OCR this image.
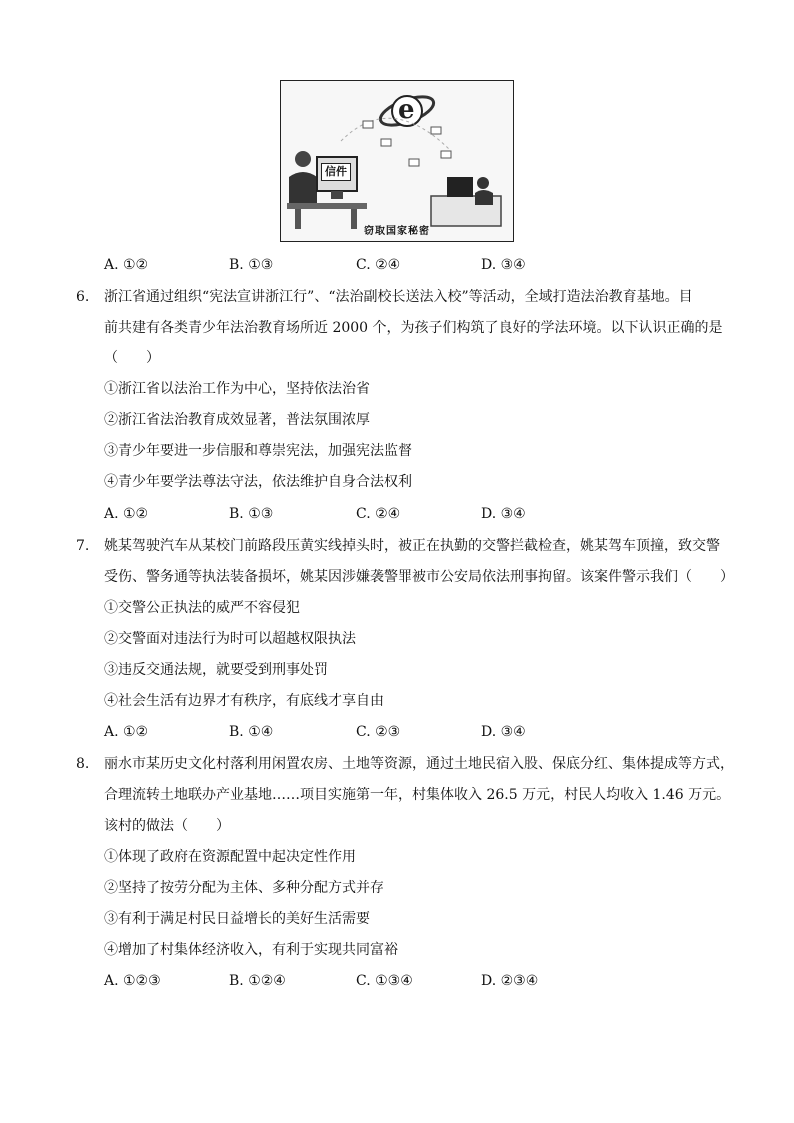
信件
e
窃取国家秘密
A. ①②	B. ①③	C. ②④	D. ③④
6. 浙江省通过组织“宪法宣讲浙江行”、“法治副校长送法入校”等活动，全域打造法治教育基地。目
前共建有各类青少年法治教育场所近 2000 个，为孩子们构筑了良好的学法环境。以下认识正确的是
（　　）
①浙江省以法治工作为中心，坚持依法治省
②浙江省法治教育成效显著，普法氛围浓厚
③青少年要进一步信服和尊崇宪法，加强宪法监督
④青少年要学法尊法守法，依法维护自身合法权利
A. ①②	B. ①③	C. ②④	D. ③④
7. 姚某驾驶汽车从某校门前路段压黄实线掉头时，被正在执勤的交警拦截检查，姚某驾车顶撞，致交警
受伤、警务通等执法装备损坏，姚某因涉嫌袭警罪被市公安局依法刑事拘留。该案件警示我们（　　）
①交警公正执法的威严不容侵犯
②交警面对违法行为时可以超越权限执法
③违反交通法规，就要受到刑事处罚
④社会生活有边界才有秩序，有底线才享自由
A. ①②	B. ①④	C. ②③	D. ③④
8. 丽水市某历史文化村落利用闲置农房、土地等资源，通过土地民宿入股、保底分红、集体提成等方式，
合理流转土地联办产业基地……项目实施第一年，村集体收入 26.5 万元，村民人均收入 1.46 万元。
该村的做法（　　）
①体现了政府在资源配置中起决定性作用
②坚持了按劳分配为主体、多种分配方式并存
③有利于满足村民日益增长的美好生活需要
④增加了村集体经济收入，有利于实现共同富裕
A. ①②③	B. ①②④	C. ①③④	D. ②③④
